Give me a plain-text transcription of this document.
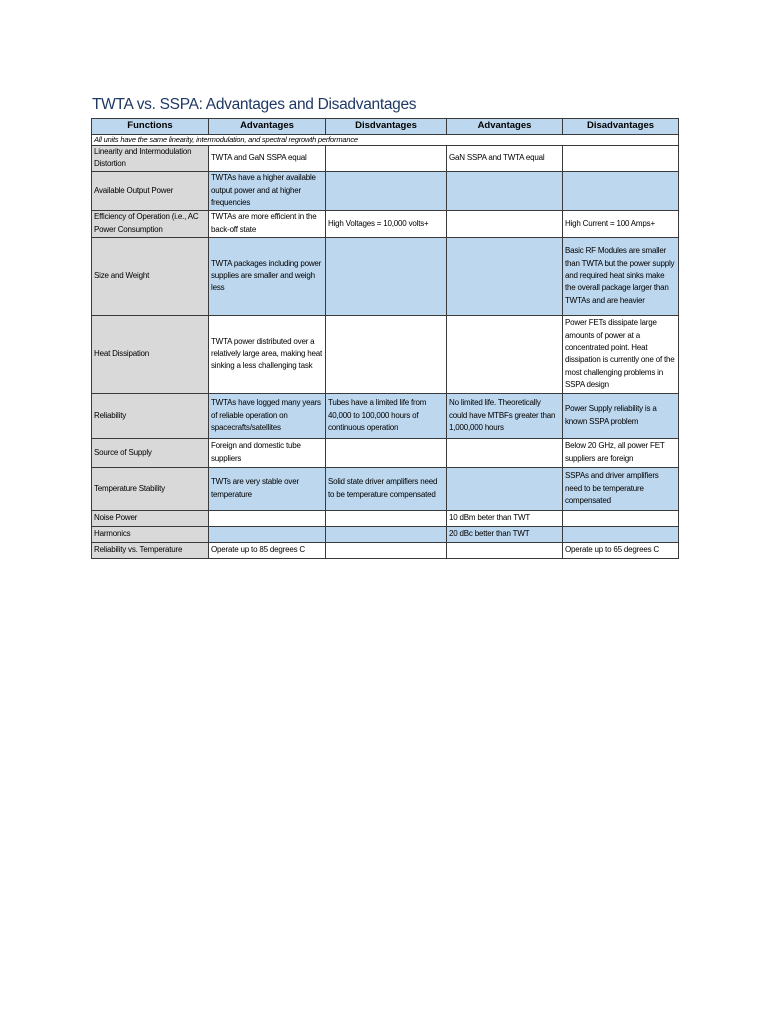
TWTA vs. SSPA: Advantages and Disadvantages
Functions	Advantages	Disdvantages	Advantages	Disadvantages
All units have the same linearity, intermodulation, and spectral regrowth performance				
Linearity and Intermodulation Distortion	TWTA and GaN SSPA equal		GaN SSPA and TWTA equal	
Available Output Power	TWTAs have a higher available output power and at higher frequencies			
Efficiency of Operation (i.e., AC Power Consumption	TWTAs are more efficient in the back-off state	High Voltages = 10,000 volts+		High Current = 100 Amps+
Size and Weight	TWTA packages including power supplies are smaller and weigh less			Basic RF Modules are smaller than TWTA but the power supply and required heat sinks make the overall package larger than TWTAs and are heavier
Heat Dissipation	TWTA power distributed over a relatively large area, making heat sinking a less challenging task			Power FETs dissipate large amounts of power at a concentrated point. Heat dissipation is currently one of the most challenging problems in SSPA design
Reliability	TWTAs have logged many years of reliable operation on spacecrafts/satellites	Tubes have a limited life from 40,000 to 100,000 hours of continuous operation	No limited life. Theoretically could have MTBFs greater than 1,000,000 hours	Power Supply reliability is a known SSPA problem
Source of Supply	Foreign and domestic tube suppliers			Below 20 GHz, all power FET suppliers are foreign
Temperature Stability	TWTs are very stable over temperature	Solid state driver amplifiers need to be temperature compensated		SSPAs and driver amplifiers need to be temperature compensated
Noise Power			10 dBm beter than TWT	
Harmonics			20 dBc better than TWT	
Reliability vs. Temperature	Operate up to 85 degrees C			Operate up to 65 degrees C
